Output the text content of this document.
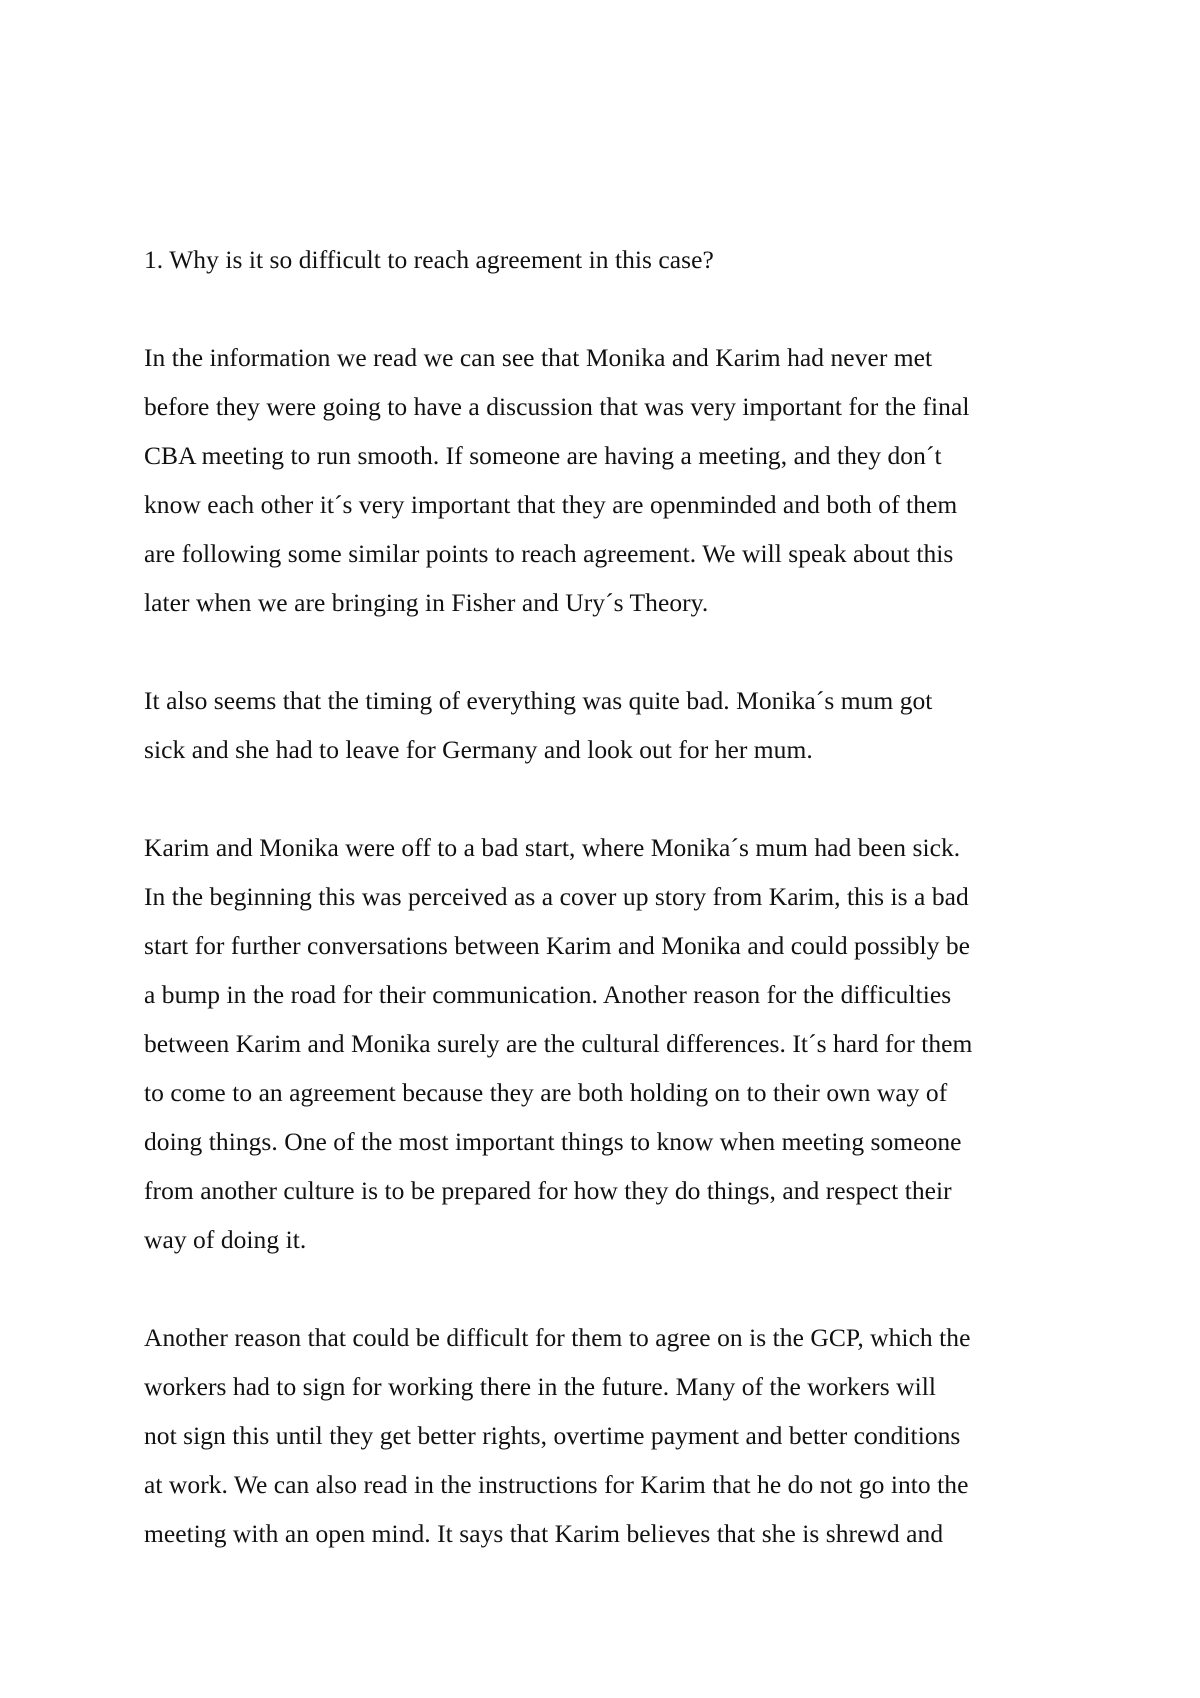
1. Why is it so difficult to reach agreement in this case?

In the information we read we can see that Monika and Karim had never met

before they were going to have a discussion that was very important for the final

CBA meeting to run smooth. If someone are having a meeting, and they don´t

know each other it´s very important that they are openminded and both of them

are following some similar points to reach agreement. We will speak about this

later when we are bringing in Fisher and Ury´s Theory.

It also seems that the timing of everything was quite bad. Monika´s mum got

sick and she had to leave for Germany and look out for her mum.

Karim and Monika were off to a bad start, where Monika´s mum had been sick.

In the beginning this was perceived as a cover up story from Karim, this is a bad

start for further conversations between Karim and Monika and could possibly be

a bump in the road for their communication. Another reason for the difficulties

between Karim and Monika surely are the cultural differences. It´s hard for them

to come to an agreement because they are both holding on to their own way of

doing things. One of the most important things to know when meeting someone

from another culture is to be prepared for how they do things, and respect their

way of doing it.

Another reason that could be difficult for them to agree on is the GCP, which the

workers had to sign for working there in the future. Many of the workers will

not sign this until they get better rights, overtime payment and better conditions

at work. We can also read in the instructions for Karim that he do not go into the

meeting with an open mind. It says that Karim believes that she is shrewd and
